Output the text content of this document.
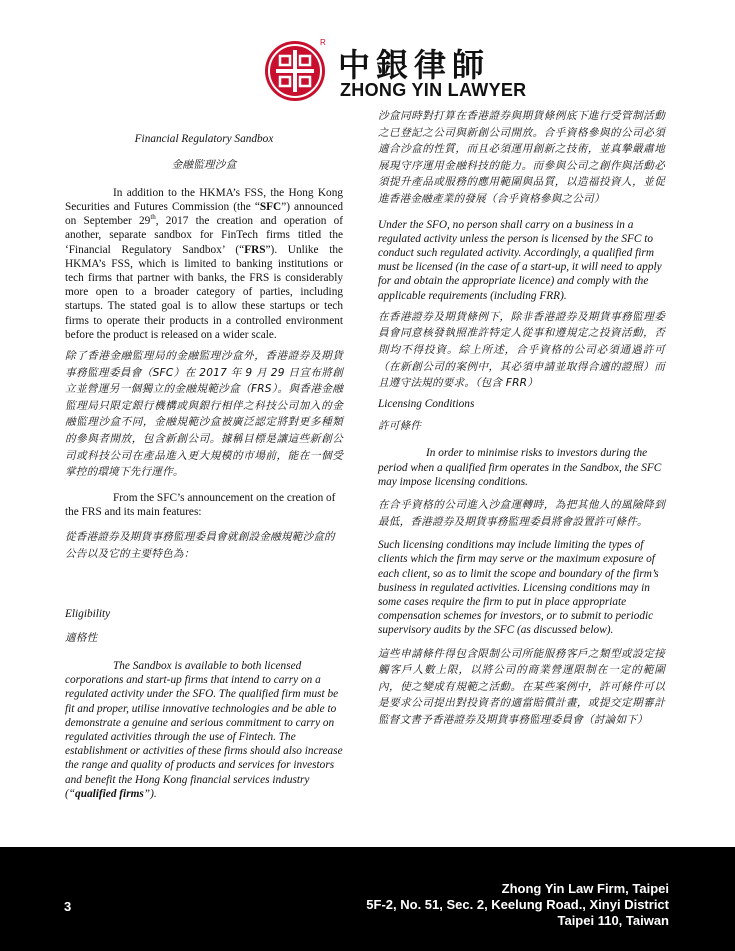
R
中銀律師
ZHONG YIN LAWYER

Financial Regulatory Sandbox

金融監理沙盒

In addition to the HKMA’s FSS, the Hong Kong Securities and Futures Commission (the “SFC”) announced on September 29th, 2017 the creation and operation of another, separate sandbox for FinTech firms titled the ‘Financial Regulatory Sandbox’ (“FRS”). Unlike the HKMA’s FSS, which is limited to banking institutions or tech firms that partner with banks, the FRS is considerably more open to a broader category of parties, including startups. The stated goal is to allow these startups or tech firms to operate their products in a controlled environment before the product is released on a wider scale.

除了香港金融監理局的金融監理沙盒外，香港證券及期貨事務監理委員會（SFC）在 2017 年 9 月 29 日宣布將創立並營運另一個獨立的金融規範沙盒（FRS）。與香港金融監理局只限定銀行機構或與銀行相伴之科技公司加入的金融監理沙盒不同，金融規範沙盒被廣泛認定將對更多種類的參與者開放，包含新創公司。據稱目標是讓這些新創公司或科技公司在產品進入更大規模的市場前，能在一個受掌控的環境下先行運作。

From the SFC’s announcement on the creation of the FRS and its main features:

從香港證券及期貨事務監理委員會就創設金融規範沙盒的公告以及它的主要特色為：

Eligibility

適格性

The Sandbox is available to both licensed corporations and start-up firms that intend to carry on a regulated activity under the SFO. The qualified firm must be fit and proper, utilise innovative technologies and be able to demonstrate a genuine and serious commitment to carry on regulated activities through the use of Fintech. The establishment or activities of these firms should also increase the range and quality of products and services for investors and benefit the Hong Kong financial services industry (“qualified firms”).

沙盒同時對打算在香港證券與期貨條例底下進行受管制活動之已登記之公司與新創公司開放。合乎資格參與的公司必須適合沙盒的性質，而且必須運用創新之技術，並真摯嚴肅地展現守序運用金融科技的能力。而參與公司之創作與活動必須提升產品或服務的應用範圍與品質，以造福投資人，並促進香港金融產業的發展（合乎資格參與之公司）

Under the SFO, no person shall carry on a business in a regulated activity unless the person is licensed by the SFC to conduct such regulated activity. Accordingly, a qualified firm must be licensed (in the case of a start-up, it will need to apply for and obtain the appropriate licence) and comply with the applicable requirements (including FRR).

在香港證券及期貨條例下，除非香港證券及期貨事務監理委員會同意核發執照准許特定人從事和遵規定之投資活動，否則均不得投資。綜上所述，合乎資格的公司必須通過許可（在新創公司的案例中，其必須申請並取得合適的證照）而且遵守法規的要求。（包含 FRR）

Licensing Conditions

許可條件

In order to minimise risks to investors during the period when a qualified firm operates in the Sandbox, the SFC may impose licensing conditions.

在合乎資格的公司進入沙盒運轉時，為把其他人的風險降到最低，香港證券及期貨事務監理委員將會設置許可條件。

Such licensing conditions may include limiting the types of clients which the firm may serve or the maximum exposure of each client, so as to limit the scope and boundary of the firm’s business in regulated activities. Licensing conditions may in some cases require the firm to put in place appropriate compensation schemes for investors, or to submit to periodic supervisory audits by the SFC (as discussed below).

這些申請條件得包含限制公司所能服務客戶之類型或設定接觸客戶人數上限，以將公司的商業營運限制在一定的範圍內，使之變成有規範之活動。在某些案例中，許可條件可以是要求公司提出對投資者的適當賠償計畫，或提交定期審計監督文書予香港證券及期貨事務監理委員會（討論如下）

3
Zhong Yin Law Firm, Taipei
5F-2, No. 51, Sec. 2, Keelung Road., Xinyi District
Taipei 110, Taiwan
